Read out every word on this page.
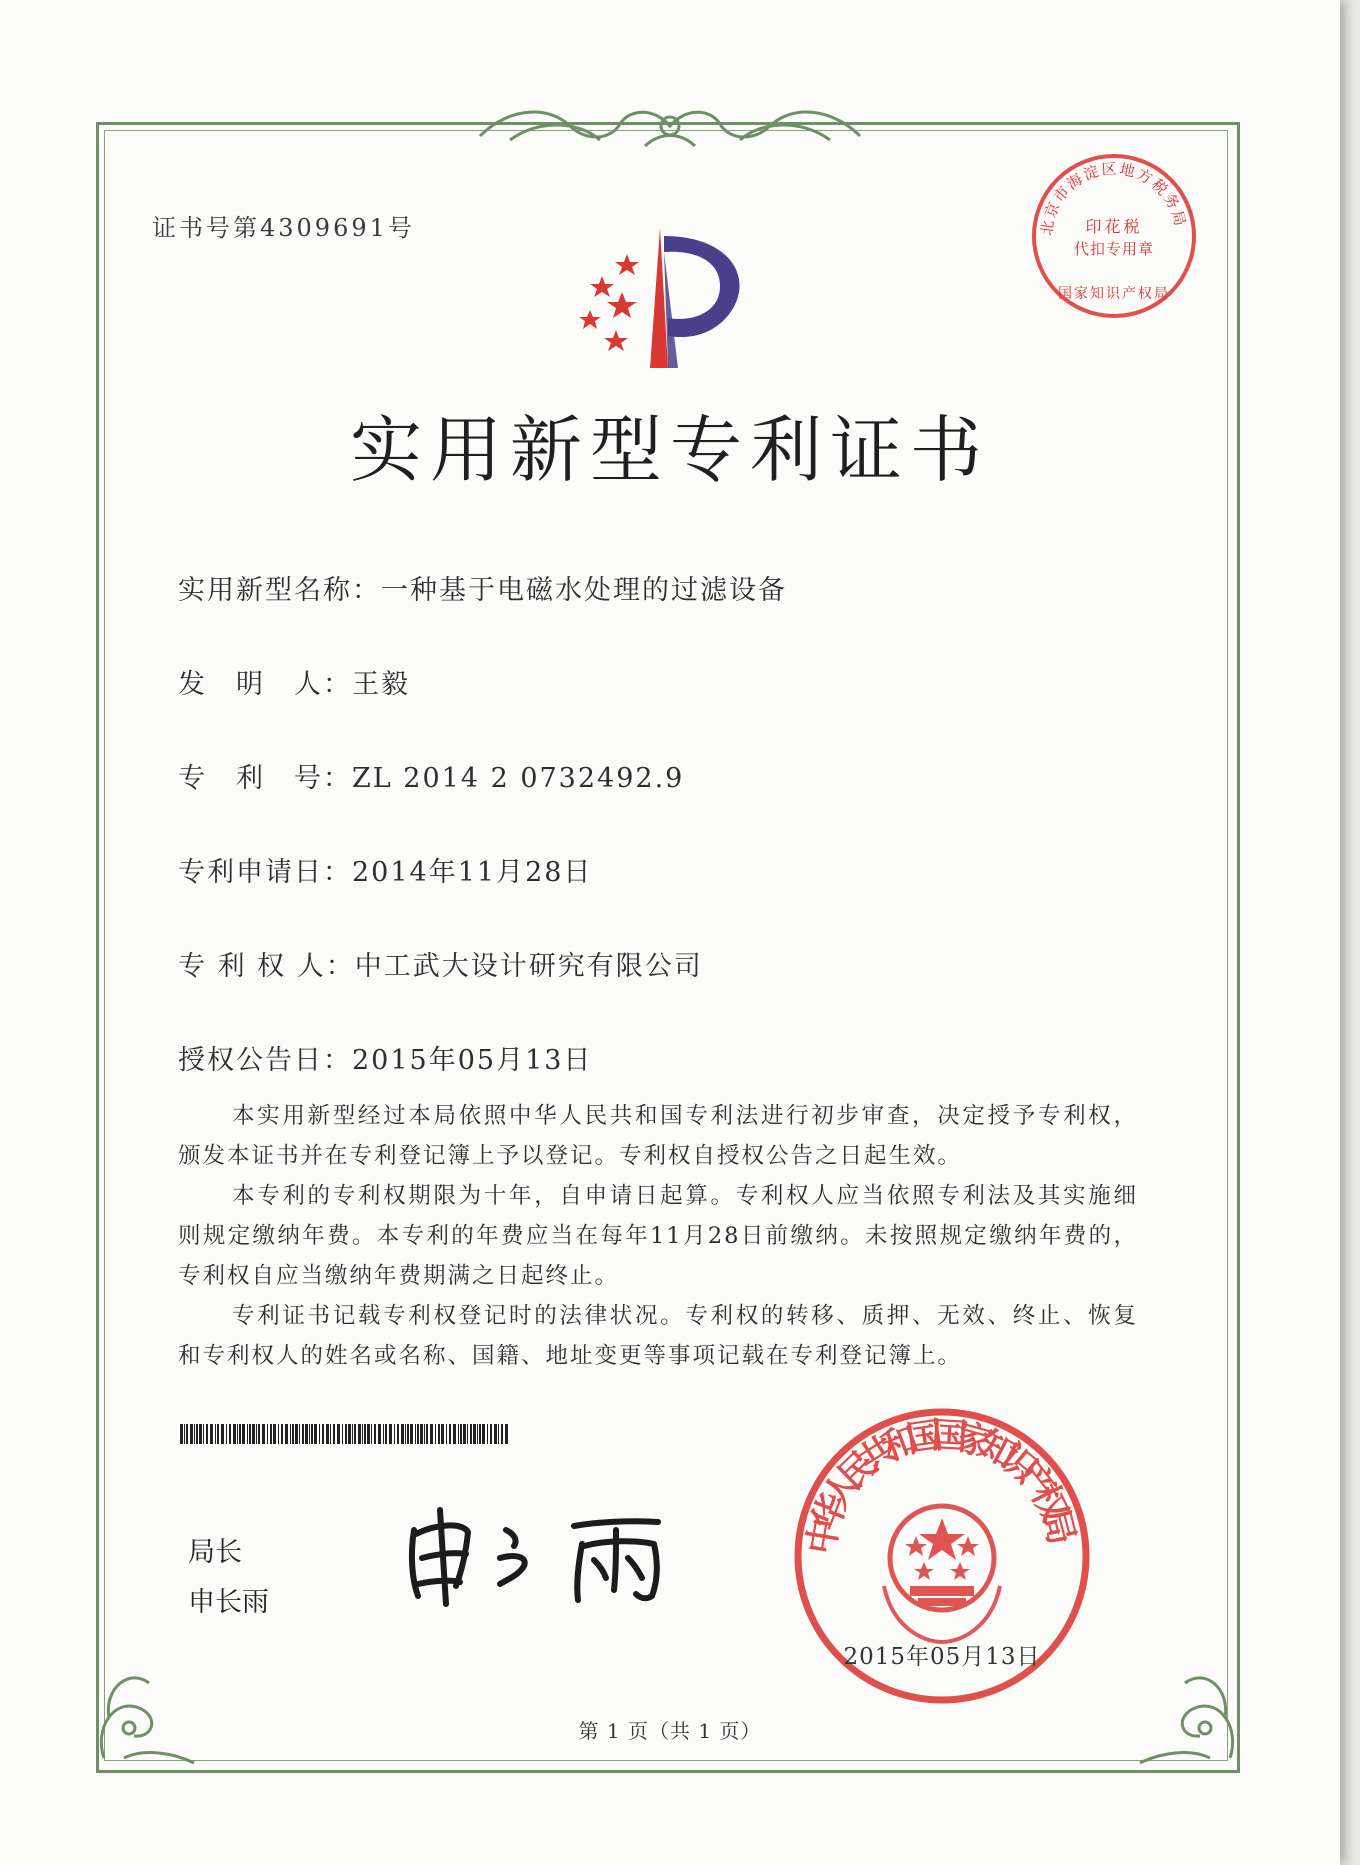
证书号第4309691号	北京市海淀区地方税务局
印花税
代扣专用章
国家知识产权局
实用新型专利证书
实用新型名称：一种基于电磁水处理的过滤设备
发　明　人：王毅
专　利　号：ZL 2014 2 0732492.9
专利申请日：2014年11月28日
专 利 权 人：中工武大设计研究有限公司
授权公告日：2015年05月13日

本实用新型经过本局依照中华人民共和国专利法进行初步审查，决定授予专利权，颁发本证书并在专利登记簿上予以登记。专利权自授权公告之日起生效。

本专利的专利权期限为十年，自申请日起算。专利权人应当依照专利法及其实施细则规定缴纳年费。本专利的年费应当在每年11月28日前缴纳。未按照规定缴纳年费的，专利权自应当缴纳年费期满之日起终止。

专利证书记载专利权登记时的法律状况。专利权的转移、质押、无效、终止、恢复和专利权人的姓名或名称、国籍、地址变更等事项记载在专利登记簿上。

局长
申长雨
中华人民共和国国家知识产权局
2015年05月13日
第 1 页（共 1 页）
